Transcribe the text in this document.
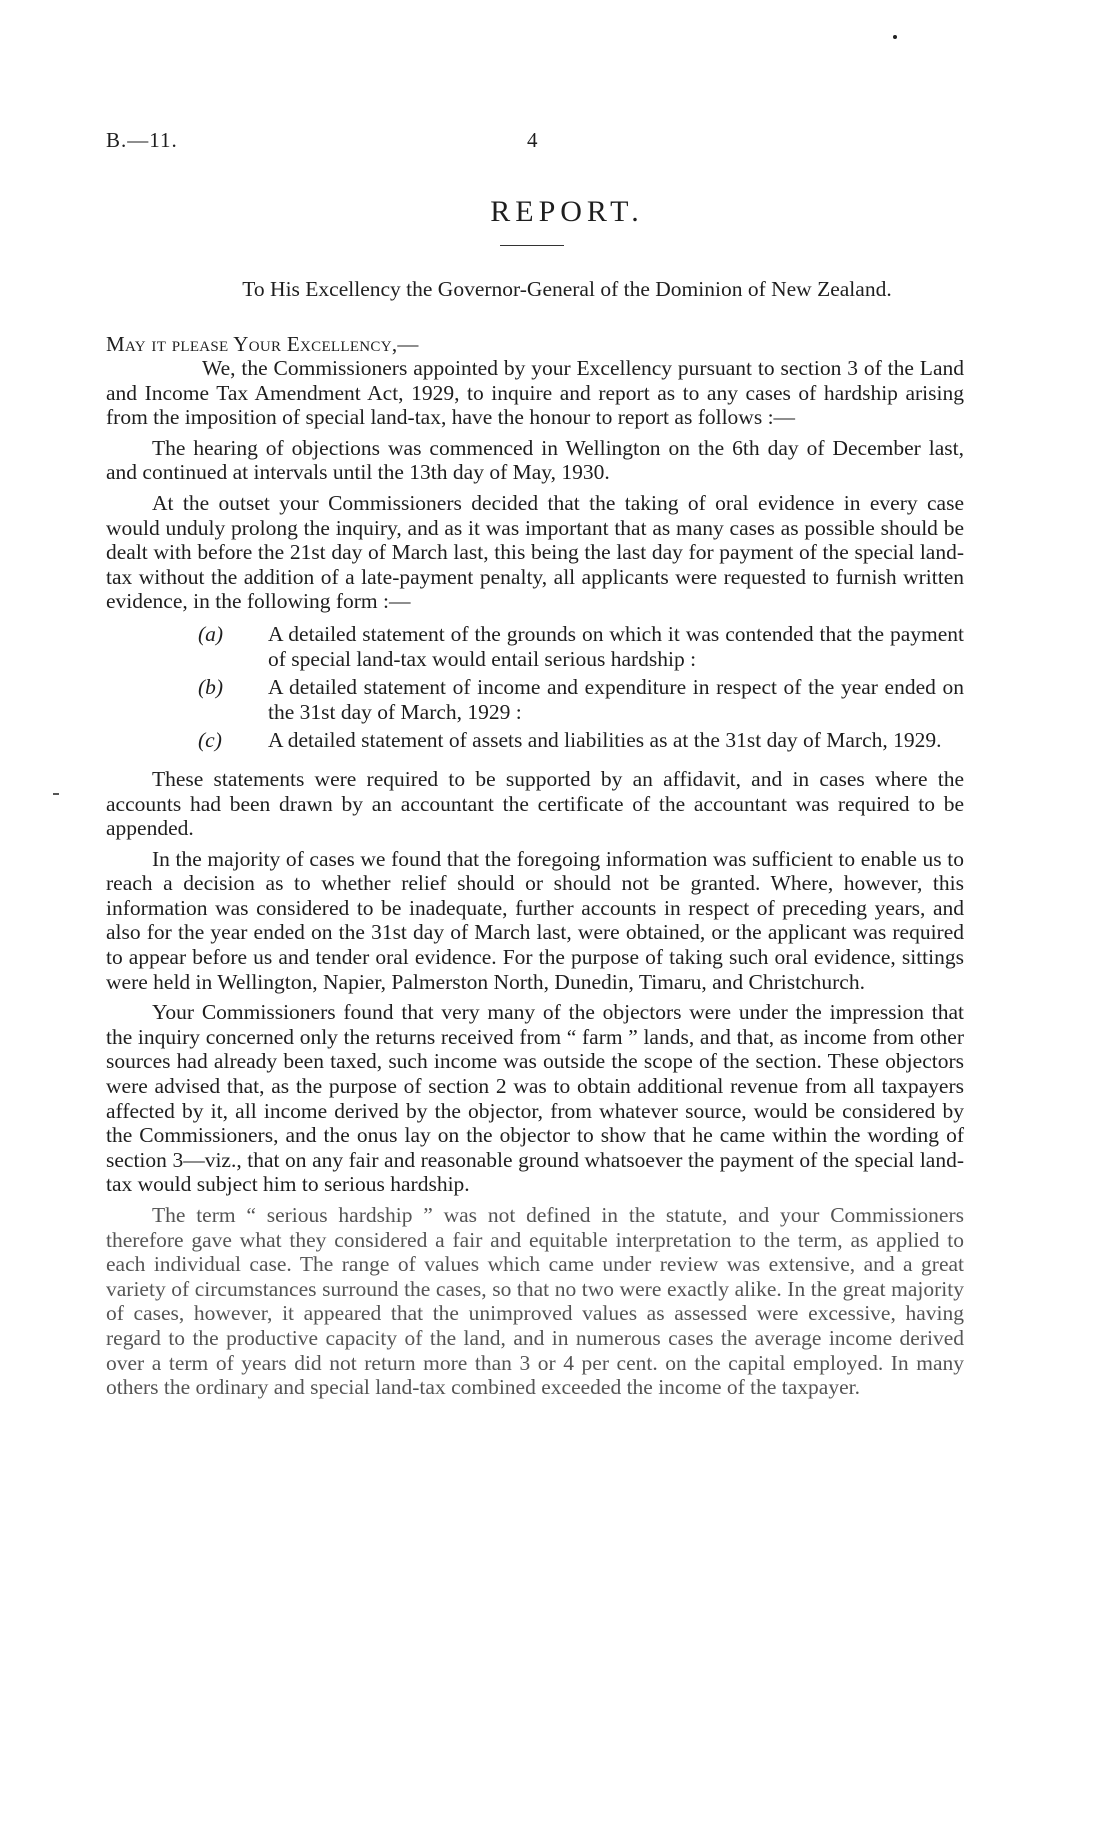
B.—11.	4
REPORT.
To His Excellency the Governor-General of the Dominion of New Zealand.
May it please Your Excellency,—

We, the Commissioners appointed by your Excellency pursuant to section 3 of the Land and Income Tax Amendment Act, 1929, to inquire and report as to any cases of hardship arising from the imposition of special land-tax, have the honour to report as follows :—

The hearing of objections was commenced in Wellington on the 6th day of December last, and continued at intervals until the 13th day of May, 1930.

At the outset your Commissioners decided that the taking of oral evidence in every case would unduly prolong the inquiry, and as it was important that as many cases as possible should be dealt with before the 21st day of March last, this being the last day for payment of the special land-tax without the addition of a late-payment penalty, all applicants were requested to furnish written evidence, in the following form :—

(a) A detailed statement of the grounds on which it was contended that the payment of special land-tax would entail serious hardship :
(b) A detailed statement of income and expenditure in respect of the year ended on the 31st day of March, 1929 :
(c) A detailed statement of assets and liabilities as at the 31st day of March, 1929.

These statements were required to be supported by an affidavit, and in cases where the accounts had been drawn by an accountant the certificate of the accountant was required to be appended.

In the majority of cases we found that the foregoing information was sufficient to enable us to reach a decision as to whether relief should or should not be granted. Where, however, this information was considered to be inadequate, further accounts in respect of preceding years, and also for the year ended on the 31st day of March last, were obtained, or the applicant was required to appear before us and tender oral evidence. For the purpose of taking such oral evidence, sittings were held in Wellington, Napier, Palmerston North, Dunedin, Timaru, and Christchurch.

Your Commissioners found that very many of the objectors were under the impression that the inquiry concerned only the returns received from “ farm ” lands, and that, as income from other sources had already been taxed, such income was outside the scope of the section. These objectors were advised that, as the purpose of section 2 was to obtain additional revenue from all taxpayers affected by it, all income derived by the objector, from whatever source, would be considered by the Commissioners, and the onus lay on the objector to show that he came within the wording of section 3—viz., that on any fair and reasonable ground whatsoever the payment of the special land-tax would subject him to serious hardship.

The term “ serious hardship ” was not defined in the statute, and your Commissioners therefore gave what they considered a fair and equitable interpretation to the term, as applied to each individual case. The range of values which came under review was extensive, and a great variety of circumstances surround the cases, so that no two were exactly alike. In the great majority of cases, however, it appeared that the unimproved values as assessed were excessive, having regard to the productive capacity of the land, and in numerous cases the average income derived over a term of years did not return more than 3 or 4 per cent. on the capital employed. In many others the ordinary and special land-tax combined exceeded the income of the taxpayer.
